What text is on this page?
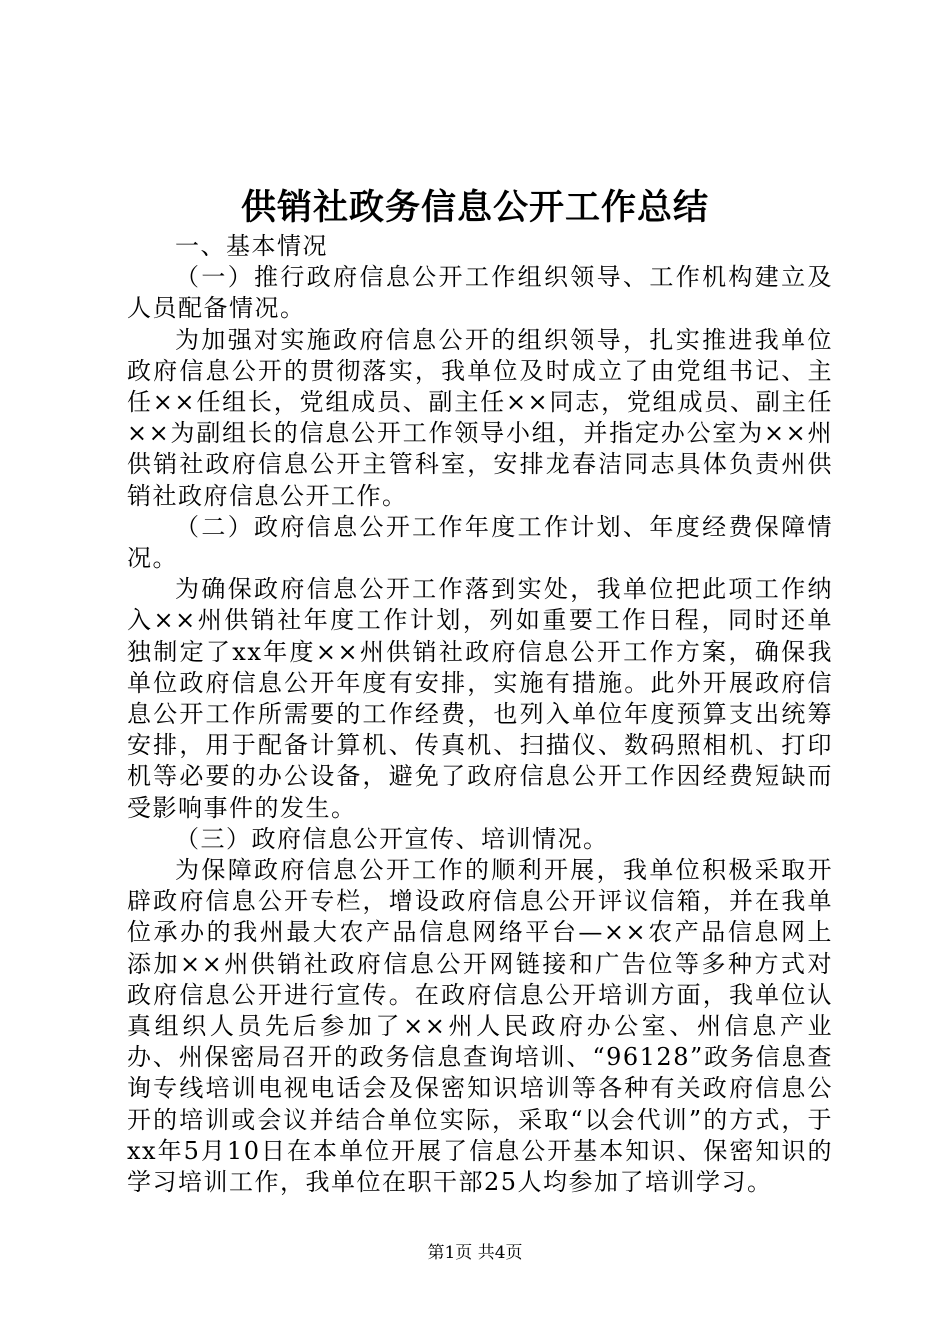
供销社政务信息公开工作总结

一、基本情况

（一）推行政府信息公开工作组织领导、工作机构建立及人员配备情况。

为加强对实施政府信息公开的组织领导，扎实推进我单位政府信息公开的贯彻落实，我单位及时成立了由党组书记、主任××任组长，党组成员、副主任××同志，党组成员、副主任××为副组长的信息公开工作领导小组，并指定办公室为××州供销社政府信息公开主管科室，安排龙春洁同志具体负责州供销社政府信息公开工作。

（二）政府信息公开工作年度工作计划、年度经费保障情况。

为确保政府信息公开工作落到实处，我单位把此项工作纳入××州供销社年度工作计划，列如重要工作日程，同时还单独制定了xx年度××州供销社政府信息公开工作方案，确保我单位政府信息公开年度有安排，实施有措施。此外开展政府信息公开工作所需要的工作经费，也列入单位年度预算支出统筹安排，用于配备计算机、传真机、扫描仪、数码照相机、打印机等必要的办公设备，避免了政府信息公开工作因经费短缺而受影响事件的发生。

（三）政府信息公开宣传、培训情况。

为保障政府信息公开工作的顺利开展，我单位积极采取开辟政府信息公开专栏，增设政府信息公开评议信箱，并在我单位承办的我州最大农产品信息网络平台—××农产品信息网上添加××州供销社政府信息公开网链接和广告位等多种方式对政府信息公开进行宣传。在政府信息公开培训方面，我单位认真组织人员先后参加了××州人民政府办公室、州信息产业办、州保密局召开的政务信息查询培训、“96128”政务信息查询专线培训电视电话会及保密知识培训等各种有关政府信息公开的培训或会议并结合单位实际，采取“以会代训”的方式，于xx年5月10日在本单位开展了信息公开基本知识、保密知识的学习培训工作，我单位在职干部25人均参加了培训学习。

第1页 共4页
